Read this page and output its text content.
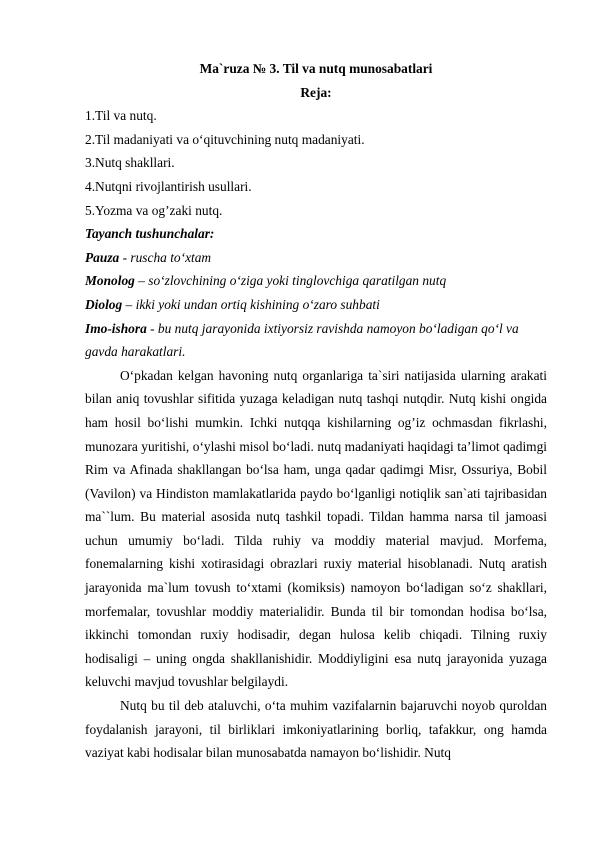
Ma`ruza № 3. Til va nutq munosabatlari

Reja:

1.Til va nutq.

2.Til madaniyati va o‘qituvchining nutq madaniyati.

3.Nutq shakllari.

4.Nutqni rivojlantirish usullari.

5.Yozma va og’zaki nutq.

Tayanch tushunchalar:

Pauza - ruscha to‘xtam

Monolog – so‘zlovchining o‘ziga yoki tinglovchiga qaratilgan nutq

Diolog – ikki yoki undan ortiq kishining o‘zaro suhbati

Imo-ishora - bu nutq jarayonida ixtiyorsiz ravishda namoyon bo‘ladigan qo‘l va gavda harakatlari.

O‘pkadan kelgan havoning nutq organlariga ta`siri natijasida ularning arakati bilan aniq tovushlar sifitida yuzaga keladigan nutq tashqi nutqdir. Nutq kishi ongida ham hosil bo‘lishi mumkin. Ichki nutqqa kishilarning og’iz ochmasdan fikrlashi, munozara yuritishi, o‘ylashi misol bo‘ladi. nutq madaniyati haqidagi ta’limot qadimgi Rim va Afinada shakllangan bo‘lsa ham, unga qadar qadimgi Misr, Ossuriya, Bobil (Vavilon) va Hindiston mamlakatlarida paydo bo‘lganligi notiqlik san`ati tajribasidan ma``lum. Bu material asosida nutq tashkil topadi. Tildan hamma narsa til jamoasi uchun umumiy bo‘ladi. Tilda ruhiy va moddiy material mavjud. Morfema, fonemalarning kishi xotirasidagi obrazlari ruxiy material hisoblanadi. Nutq aratish jarayonida ma`lum tovush to‘xtami (komiksis) namoyon bo‘ladigan so‘z shakllari, morfemalar, tovushlar moddiy materialidir. Bunda til bir tomondan hodisa bo‘lsa, ikkinchi tomondan ruxiy hodisadir, degan hulosa kelib chiqadi. Tilning ruxiy hodisaligi – uning ongda shakllanishidir. Moddiyligini esa nutq jarayonida yuzaga keluvchi mavjud tovushlar belgilaydi.

Nutq bu til deb ataluvchi, o‘ta muhim vazifalarnin bajaruvchi noyob quroldan foydalanish jarayoni, til birliklari imkoniyatlarining borliq, tafakkur, ong hamda vaziyat kabi hodisalar bilan munosabatda namayon bo‘lishidir. Nutq
